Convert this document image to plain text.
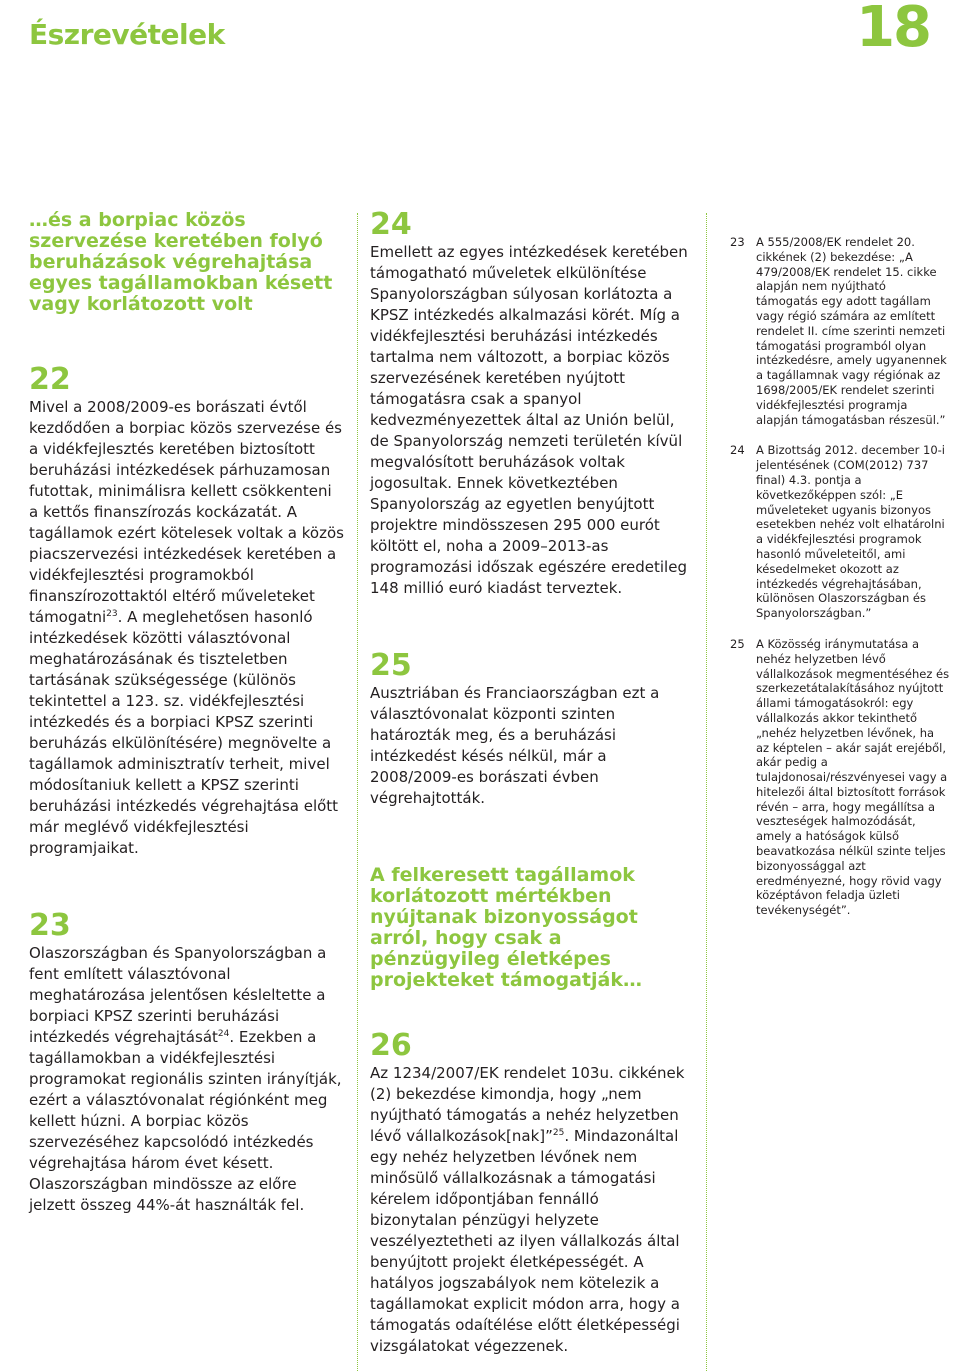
Észrevételek	18
…és a borpiac közös szervezése keretében folyó beruházások végrehajtása egyes tagállamokban késett vagy korlátozott volt
22

Mivel a 2008/2009-es borászati évtől kezdődően a borpiac közös szervezése és a vidékfejlesztés keretében biztosított beruházási intézkedések párhuzamosan futottak, minimálisra kellett csökkenteni a kettős finanszírozás kockázatát. A tagállamok ezért kötelesek voltak a közös piacszervezési intézkedések keretében a vidékfejlesztési programokból finanszírozottaktól eltérő műveleteket támogatni$^{23}$. A meglehetősen hasonló intézkedések közötti választóvonal meghatározásának és tiszteletben tartásának szükségessége (különös tekintettel a 123. sz. vidékfejlesztési intézkedés és a borpiaci KPSZ szerinti beruházás elkülönítésére) megnövelte a tagállamok adminisztratív terheit, mivel módosítaniuk kellett a KPSZ szerinti beruházási intézkedés végrehajtása előtt már meglévő vidékfejlesztési programjaikat.

23

Olaszországban és Spanyolországban a fent említett választóvonal meghatározása jelentősen késleltette a borpiaci KPSZ szerinti beruházási intézkedés végrehajtását$^{24}$. Ezekben a tagállamokban a vidékfejlesztési programokat regionális szinten irányítják, ezért a választóvonalat régiónként meg kellett húzni. A borpiac közös szervezéséhez kapcsolódó intézkedés végrehajtása három évet késett. Olaszországban mindössze az előre jelzett összeg 44%-át használták fel.

24

Emellett az egyes intézkedések keretében támogatható műveletek elkülönítése Spanyolországban súlyosan korlátozta a KPSZ intézkedés alkalmazási körét. Míg a vidékfejlesztési beruházási intézkedés tartalma nem változott, a borpiac közös szervezésének keretében nyújtott támogatásra csak a spanyol kedvezményezettek által az Unión belül, de Spanyolország nemzeti területén kívül megvalósított beruházások voltak jogosultak. Ennek következtében Spanyolország az egyetlen benyújtott projektre mindösszesen 295 000 eurót költött el, noha a 2009–2013-as programozási időszak egészére eredetileg 148 millió euró kiadást terveztek.

25

Ausztriában és Franciaországban ezt a választóvonalat központi szinten határozták meg, és a beruházási intézkedést késés nélkül, már a 2008/2009-es borászati évben végrehajtották.

A felkeresett tagállamok korlátozott mértékben nyújtanak bizonyosságot arról, hogy csak a pénzügyileg életképes projekteket támogatják…
26

Az 1234/2007/EK rendelet 103u. cikkének (2) bekezdése kimondja, hogy „nem nyújtható támogatás a nehéz helyzetben lévő vállalkozások[nak]”$^{25}$. Mindazonáltal egy nehéz helyzetben lévőnek nem minősülő vállalkozásnak a támogatási kérelem időpontjában fennálló bizonytalan pénzügyi helyzete veszélyeztetheti az ilyen vállalkozás által benyújtott projekt életképességét. A hatályos jogszabályok nem kötelezik a tagállamokat explicit módon arra, hogy a támogatás odaítélése előtt életképességi vizsgálatokat végezzenek.

23 A 555/2008/EK rendelet 20. cikkének (2) bekezdése: „A 479/2008/EK rendelet 15. cikke alapján nem nyújtható támogatás egy adott tagállam vagy régió számára az említett rendelet II. címe szerinti nemzeti támogatási programból olyan intézkedésre, amely ugyanennek a tagállamnak vagy régiónak az 1698/2005/EK rendelet szerinti vidékfejlesztési programja alapján támogatásban részesül.”
24 A Bizottság 2012. december 10-i jelentésének (COM(2012) 737 final) 4.3. pontja a következőképpen szól: „E műveleteket ugyanis bizonyos esetekben nehéz volt elhatárolni a vidékfejlesztési programok hasonló műveleteitől, ami késedelmeket okozott az intézkedés végrehajtásában, különösen Olaszországban és Spanyolországban.”
25 A Közösség iránymutatása a nehéz helyzetben lévő vállalkozások megmentéséhez és szerkezetátalakításához nyújtott állami támogatásokról: egy vállalkozás akkor tekinthető „nehéz helyzetben lévőnek, ha az képtelen – akár saját erejéből, akár pedig a tulajdonosai/részvényesei vagy a hitelezői által biztosított források révén – arra, hogy megállítsa a veszteségek halmozódását, amely a hatóságok külső beavatkozása nélkül szinte teljes bizonyossággal azt eredményezné, hogy rövid vagy középtávon feladja üzleti tevékenységét”.
